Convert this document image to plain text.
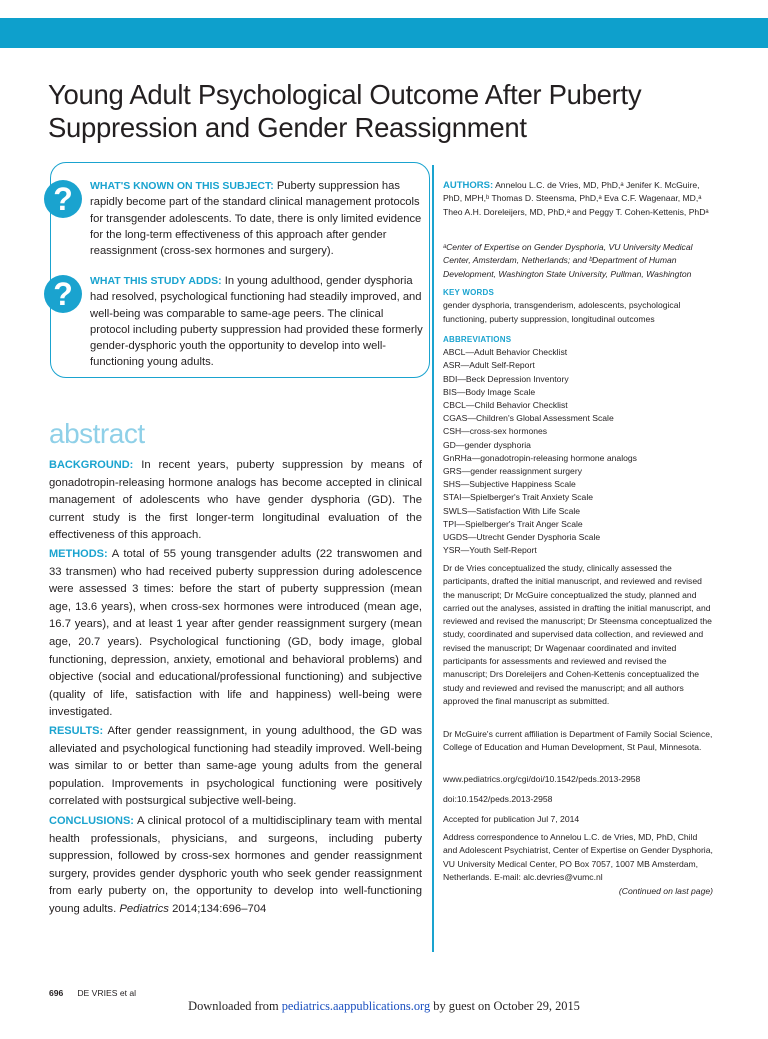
Young Adult Psychological Outcome After Puberty Suppression and Gender Reassignment
?
?
WHAT'S KNOWN ON THIS SUBJECT: Puberty suppression has rapidly become part of the standard clinical management protocols for transgender adolescents. To date, there is only limited evidence for the long-term effectiveness of this approach after gender reassignment (cross-sex hormones and surgery).
WHAT THIS STUDY ADDS: In young adulthood, gender dysphoria had resolved, psychological functioning had steadily improved, and well-being was comparable to same-age peers. The clinical protocol including puberty suppression had provided these formerly gender-dysphoric youth the opportunity to develop into well-functioning young adults.
abstract
BACKGROUND: In recent years, puberty suppression by means of gonadotropin-releasing hormone analogs has become accepted in clinical management of adolescents who have gender dysphoria (GD). The current study is the first longer-term longitudinal evaluation of the effectiveness of this approach.
METHODS: A total of 55 young transgender adults (22 transwomen and 33 transmen) who had received puberty suppression during adolescence were assessed 3 times: before the start of puberty suppression (mean age, 13.6 years), when cross-sex hormones were introduced (mean age, 16.7 years), and at least 1 year after gender reassignment surgery (mean age, 20.7 years). Psychological functioning (GD, body image, global functioning, depression, anxiety, emotional and behavioral problems) and objective (social and educational/professional functioning) and subjective (quality of life, satisfaction with life and happiness) well-being were investigated.
RESULTS: After gender reassignment, in young adulthood, the GD was alleviated and psychological functioning had steadily improved. Well-being was similar to or better than same-age young adults from the general population. Improvements in psychological functioning were positively correlated with postsurgical subjective well-being.
CONCLUSIONS: A clinical protocol of a multidisciplinary team with mental health professionals, physicians, and surgeons, including puberty suppression, followed by cross-sex hormones and gender reassignment surgery, provides gender dysphoric youth who seek gender reassignment from early puberty on, the opportunity to develop into well-functioning young adults. Pediatrics 2014;134:696–704
AUTHORS: Annelou L.C. de Vries, MD, PhD,ᵃ Jenifer K. McGuire, PhD, MPH,ᵇ Thomas D. Steensma, PhD,ᵃ Eva C.F. Wagenaar, MD,ᵃ Theo A.H. Doreleijers, MD, PhD,ᵃ and Peggy T. Cohen-Kettenis, PhDᵃ
ᵃCenter of Expertise on Gender Dysphoria, VU University Medical Center, Amsterdam, Netherlands; and ᵇDepartment of Human Development, Washington State University, Pullman, Washington
KEY WORDS
gender dysphoria, transgenderism, adolescents, psychological functioning, puberty suppression, longitudinal outcomes
ABBREVIATIONS
ABCL—Adult Behavior Checklist
ASR—Adult Self-Report
BDI—Beck Depression Inventory
BIS—Body Image Scale
CBCL—Child Behavior Checklist
CGAS—Children's Global Assessment Scale
CSH—cross-sex hormones
GD—gender dysphoria
GnRHa—gonadotropin-releasing hormone analogs
GRS—gender reassignment surgery
SHS—Subjective Happiness Scale
STAI—Spielberger's Trait Anxiety Scale
SWLS—Satisfaction With Life Scale
TPI—Spielberger's Trait Anger Scale
UGDS—Utrecht Gender Dysphoria Scale
YSR—Youth Self-Report
Dr de Vries conceptualized the study, clinically assessed the participants, drafted the initial manuscript, and reviewed and revised the manuscript; Dr McGuire conceptualized the study, planned and carried out the analyses, assisted in drafting the initial manuscript, and reviewed and revised the manuscript; Dr Steensma conceptualized the study, coordinated and supervised data collection, and reviewed and revised the manuscript; Dr Wagenaar coordinated and invited participants for assessments and reviewed and revised the manuscript; Drs Doreleijers and Cohen-Kettenis conceptualized the study and reviewed and revised the manuscript; and all authors approved the final manuscript as submitted.
Dr McGuire's current affiliation is Department of Family Social Science, College of Education and Human Development, St Paul, Minnesota.
www.pediatrics.org/cgi/doi/10.1542/peds.2013-2958
doi:10.1542/peds.2013-2958
Accepted for publication Jul 7, 2014
Address correspondence to Annelou L.C. de Vries, MD, PhD, Child and Adolescent Psychiatrist, Center of Expertise on Gender Dysphoria, VU University Medical Center, PO Box 7057, 1007 MB Amsterdam, Netherlands. E-mail: alc.devries@vumc.nl
(Continued on last page)
696 DE VRIES et al
Downloaded from pediatrics.aappublications.org by guest on October 29, 2015
